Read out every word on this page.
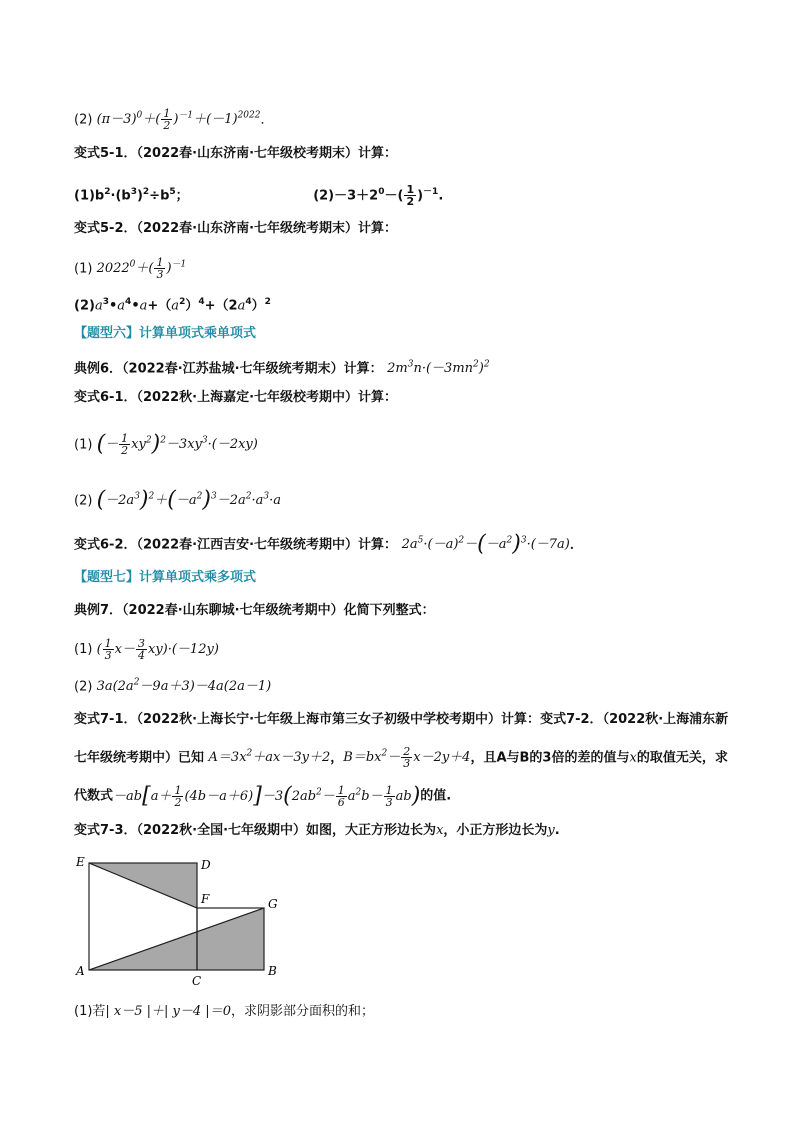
(2) $(\pi-3)^0+( \frac{1}{2} )^{-1}+(-1)^{2022}$．
变式5-1．（2022春·山东济南·七年级校考期末）计算：
$(1)b^2\cdot(b^3)^2\div b^5$；	$(2)-3+2^0-( \frac{1}{2} )^{-1}$.
变式5-2．（2022春·山东济南·七年级统考期末）计算：
(1) $2022^0+( \frac{1}{3} )^{-1}$
$(2)a^3•a^4•a+(a^2)^4+(2a^4)^2$
【题型六】计算单项式乘单项式
典例6．（2022春·江苏盐城·七年级统考期末）计算： $2m^3n\cdot(-3mn^2)^2$
变式6-1．（2022秋·上海嘉定·七年级校考期中）计算：
(1) (－ $\frac{1}{2} xy^2)^2-3xy^3\cdot(-2xy)$
(2) $(-2a^3)^2+(-a^2)^3-2a^2\cdot a^3\cdot a$
变式6-2．（2022春·江西吉安·七年级统考期中）计算： $2a^5\cdot(-a)^2-(-a^2)^3\cdot(-7a)$．
【题型七】计算单项式乘多项式
典例7．（2022春·山东聊城·七年级统考期中）化简下列整式：
(1) ( $\frac{1}{3} x- \frac{3}{4} xy)\cdot(-12y)$
(2) $3a(2a^2-9a+3)-4a(2a-1)$
变式7-1．（2022秋·上海长宁·七年级上海市第三女子初级中学校考期中）计算：变式7-2．（2022秋·上海浦东新七年级统考期中）已知 $A=3x^2+ax-3y+2$，$B=bx^2- \frac{2}{3} x-2y+4$，且A与B的3倍的差的值与x的取值无关，求代数式$-ab[a+ \frac{1}{2} (4b-a+6)]-3(2ab^2- \frac{1}{6} a^2b- \frac{1}{3} ab)$的值.
变式7-3．（2022秋·全国·七年级期中）如图，大正方形边长为x，小正方形边长为y.
E	D
F	G
A
C
B
(1)若| x－5 |＋| y－4 |＝0，求阴影部分面积的和；
